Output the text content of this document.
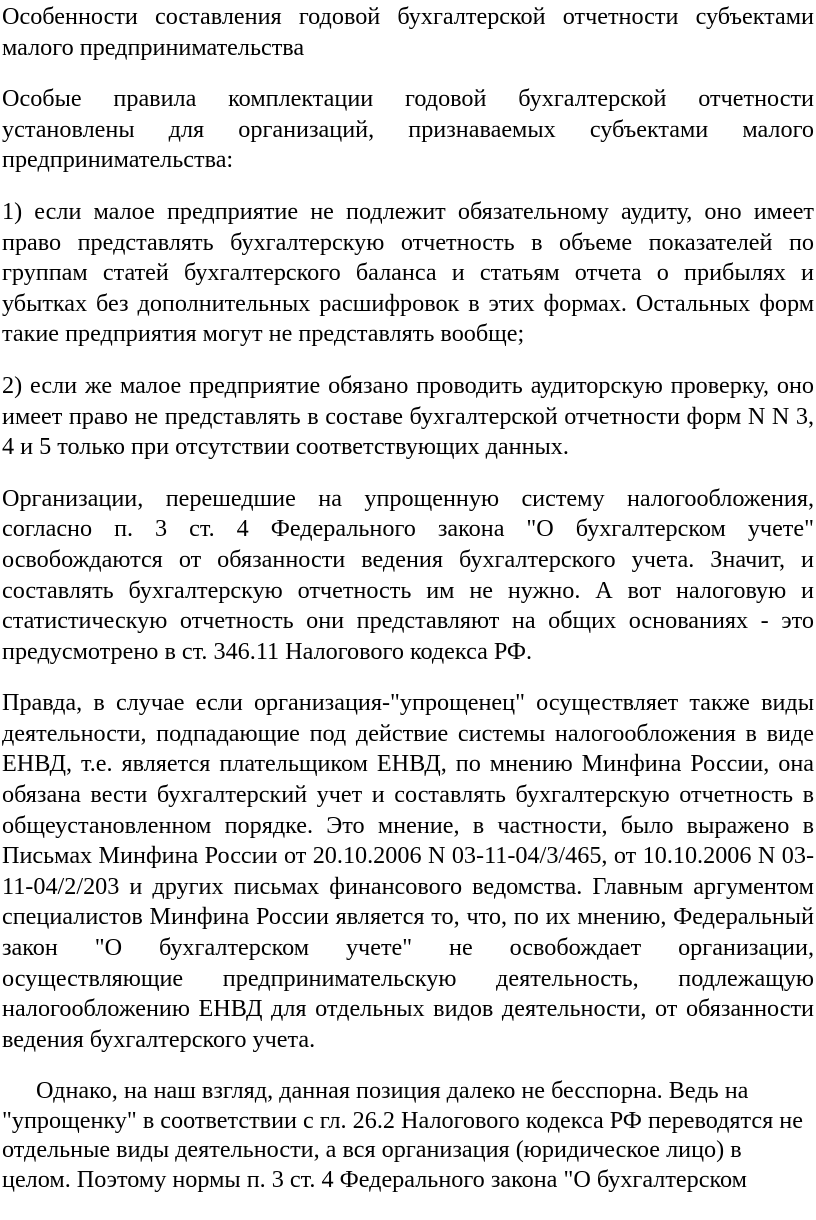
Особенности составления годовой бухгалтерской отчетности субъектами малого предпринимательства

Особые правила комплектации годовой бухгалтерской отчетности установлены для организаций, признаваемых субъектами малого предпринимательства:

1) если малое предприятие не подлежит обязательному аудиту, оно имеет право представлять бухгалтерскую отчетность в объеме показателей по группам статей бухгалтерского баланса и статьям отчета о прибылях и убытках без дополнительных расшифровок в этих формах. Остальных форм такие предприятия могут не представлять вообще;

2) если же малое предприятие обязано проводить аудиторскую проверку, оно имеет право не представлять в составе бухгалтерской отчетности форм N N 3, 4 и 5 только при отсутствии соответствующих данных.

Организации, перешедшие на упрощенную систему налогообложения, согласно п. 3 ст. 4 Федерального закона "О бухгалтерском учете" освобождаются от обязанности ведения бухгалтерского учета. Значит, и составлять бухгалтерскую отчетность им не нужно. А вот налоговую и статистическую отчетность они представляют на общих основаниях - это предусмотрено в ст. 346.11 Налогового кодекса РФ.

Правда, в случае если организация-"упрощенец" осуществляет также виды деятельности, подпадающие под действие системы налогообложения в виде ЕНВД, т.е. является плательщиком ЕНВД, по мнению Минфина России, она обязана вести бухгалтерский учет и составлять бухгалтерскую отчетность в общеустановленном порядке. Это мнение, в частности, было выражено в Письмах Минфина России от 20.10.2006 N 03-11-04/3/465, от 10.10.2006 N 03-11-04/2/203 и других письмах финансового ведомства. Главным аргументом специалистов Минфина России является то, что, по их мнению, Федеральный закон "О бухгалтерском учете" не освобождает организации, осуществляющие предпринимательскую деятельность, подлежащую налогообложению ЕНВД для отдельных видов деятельности, от обязанности ведения бухгалтерского учета.

Однако, на наш взгляд, данная позиция далеко не бесспорна. Ведь на "упрощенку" в соответствии с гл. 26.2 Налогового кодекса РФ переводятся не отдельные виды деятельности, а вся организация (юридическое лицо) в целом. Поэтому нормы п. 3 ст. 4 Федерального закона "О бухгалтерском
